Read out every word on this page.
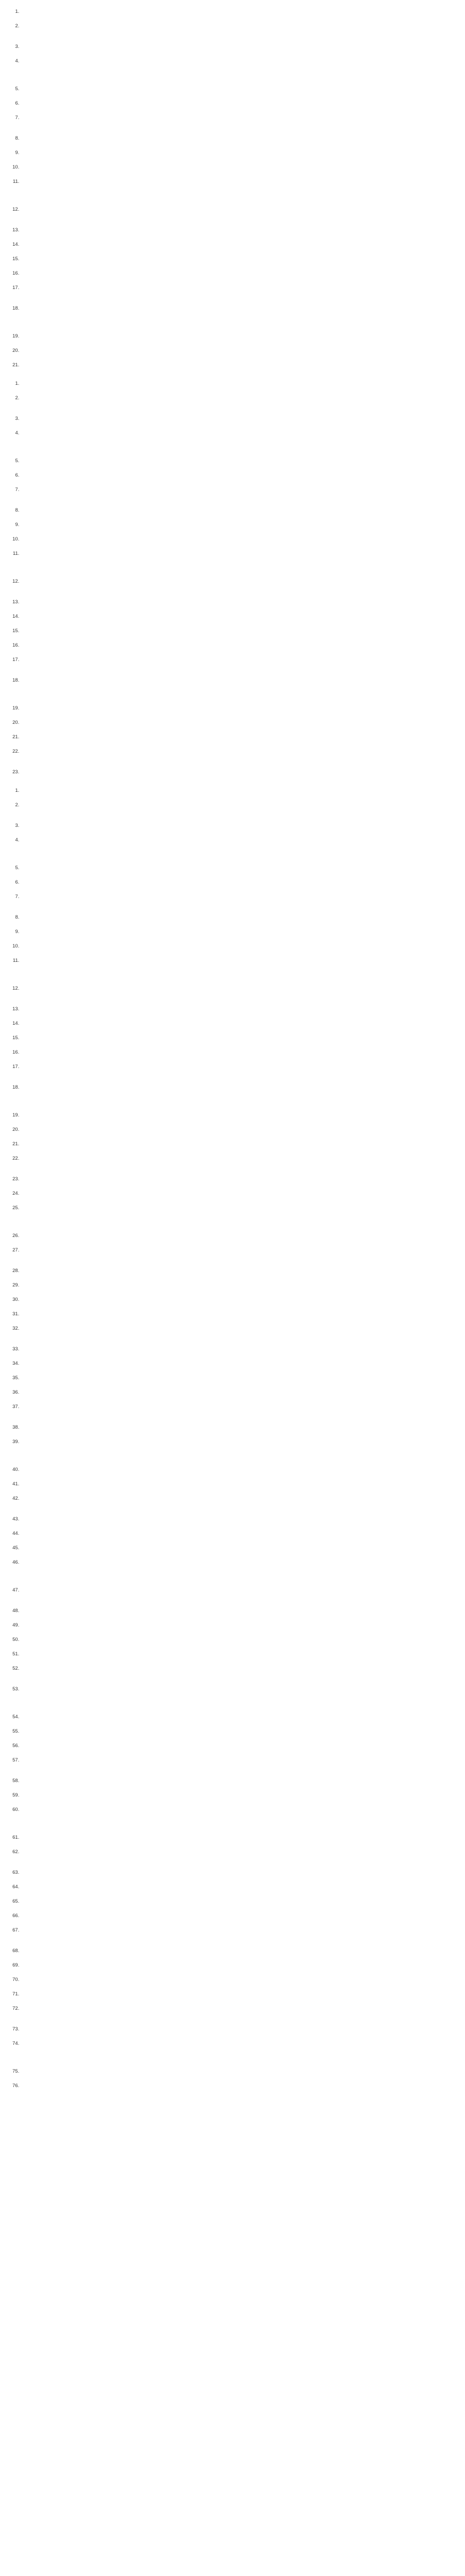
1.
2.
3.
4.
5.
6.
7.
8.
9.
10.
11.
12.
13.
14.
15.
16.
17.
18.
19.
20.
21.
1.
2.
3.
4.
5.
6.
7.
8.
9.
10.
11.
12.
13.
14.
15.
16.
17.
18.
19.
20.
21.
22.
23.
1.
2.
3.
4.
5.
6.
7.
8.
9.
10.
11.
12.
13.
14.
15.
16.
17.
18.
19.
20.
21.
22.
23.
24.
25.
26.
27.
28.
29.
30.
31.
32.
33.
34.
35.
36.
37.
38.
39.
40.
41.
42.
43.
44.
45.
46.
47.
48.
49.
50.
51.
52.
53.
54.
55.
56.
57.
58.
59.
60.
61.
62.
63.
64.
65.
66.
67.
68.
69.
70.
71.
72.
73.
74.
75.
76.
